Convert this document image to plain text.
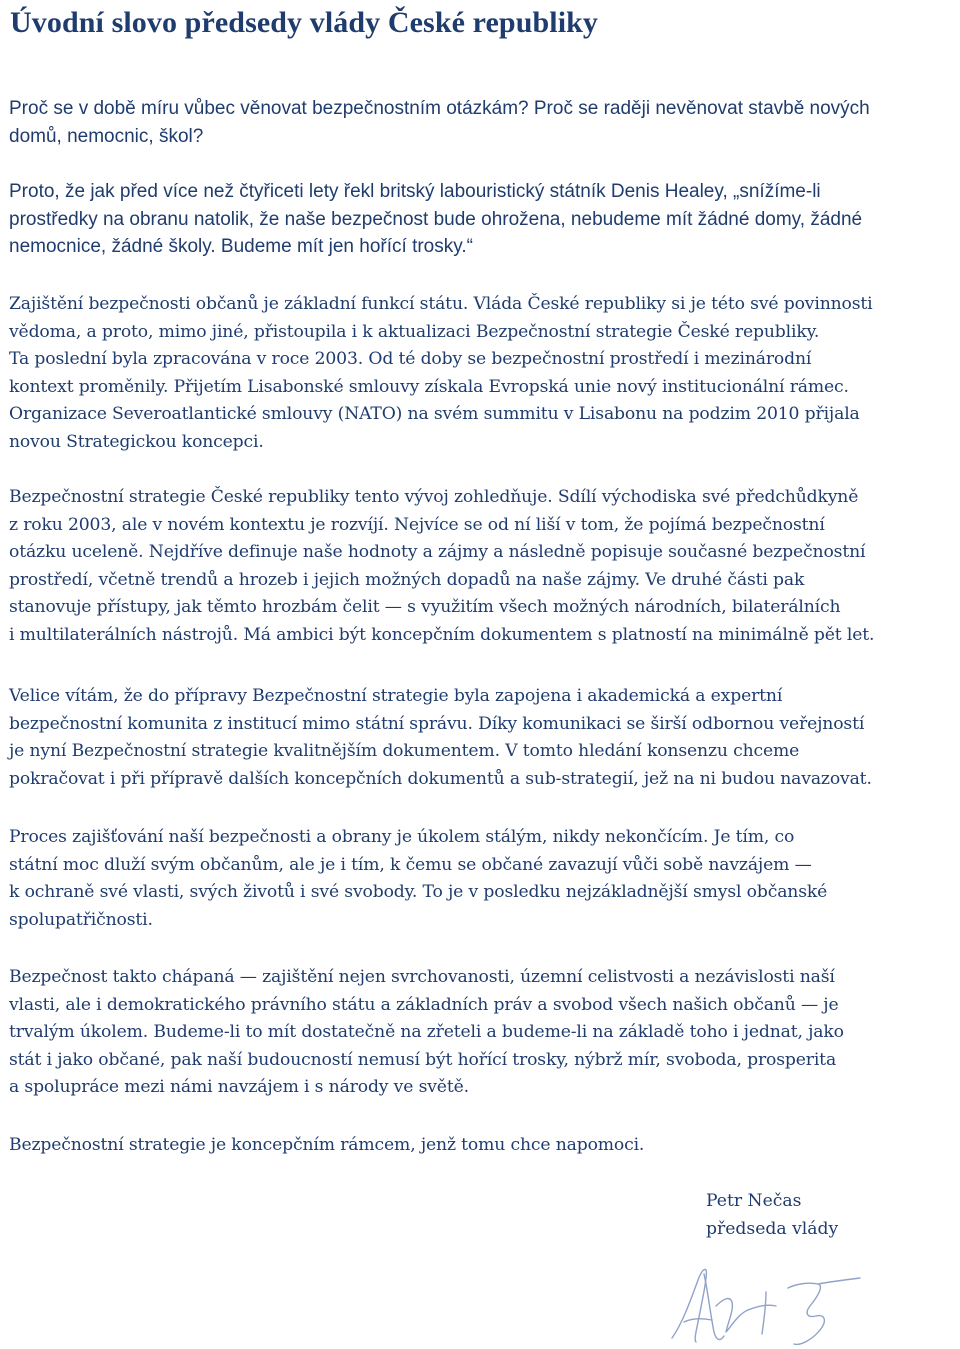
Úvodní slovo předsedy vlády České republiky

Proč se v době míru vůbec věnovat bezpečnostním otázkám? Proč se raději nevěnovat stavbě nových
domů, nemocnic, škol?

Proto, že jak před více než čtyřiceti lety řekl britský labouristický státník Denis Healey, „snížíme-li
prostředky na obranu natolik, že naše bezpečnost bude ohrožena, nebudeme mít žádné domy, žádné
nemocnice, žádné školy. Budeme mít jen hořící trosky.“

Zajištění bezpečnosti občanů je základní funkcí státu. Vláda České republiky si je této své povinnosti
vědoma, a proto, mimo jiné, přistoupila i k aktualizaci Bezpečnostní strategie České republiky.
Ta poslední byla zpracována v roce 2003. Od té doby se bezpečnostní prostředí i mezinárodní
kontext proměnily. Přijetím Lisabonské smlouvy získala Evropská unie nový institucionální rámec.
Organizace Severoatlantické smlouvy (NATO) na svém summitu v Lisabonu na podzim 2010 přijala
novou Strategickou koncepci.

Bezpečnostní strategie České republiky tento vývoj zohledňuje. Sdílí východiska své předchůdkyně
z roku 2003, ale v novém kontextu je rozvíjí. Nejvíce se od ní liší v tom, že pojímá bezpečnostní
otázku uceleně. Nejdříve definuje naše hodnoty a zájmy a následně popisuje současné bezpečnostní
prostředí, včetně trendů a hrozeb i jejich možných dopadů na naše zájmy. Ve druhé části pak
stanovuje přístupy, jak těmto hrozbám čelit — s využitím všech možných národních, bilaterálních
i multilaterálních nástrojů. Má ambici být koncepčním dokumentem s platností na minimálně pět let.

Velice vítám, že do přípravy Bezpečnostní strategie byla zapojena i akademická a expertní
bezpečnostní komunita z institucí mimo státní správu. Díky komunikaci se širší odbornou veřejností
je nyní Bezpečnostní strategie kvalitnějším dokumentem. V tomto hledání konsenzu chceme
pokračovat i při přípravě dalších koncepčních dokumentů a sub-strategií, jež na ni budou navazovat.

Proces zajišťování naší bezpečnosti a obrany je úkolem stálým, nikdy nekončícím. Je tím, co
státní moc dluží svým občanům, ale je i tím, k čemu se občané zavazují vůči sobě navzájem —
k ochraně své vlasti, svých životů i své svobody. To je v posledku nejzákladnější smysl občanské
spolupatřičnosti.

Bezpečnost takto chápaná — zajištění nejen svrchovanosti, územní celistvosti a nezávislosti naší
vlasti, ale i demokratického právního státu a základních práv a svobod všech našich občanů — je
trvalým úkolem. Budeme-li to mít dostatečně na zřeteli a budeme-li na základě toho i jednat, jako
stát i jako občané, pak naší budoucností nemusí být hořící trosky, nýbrž mír, svoboda, prosperita
a spolupráce mezi námi navzájem i s národy ve světě.

Bezpečnostní strategie je koncepčním rámcem, jenž tomu chce napomoci.

Petr Nečas
předseda vlády
